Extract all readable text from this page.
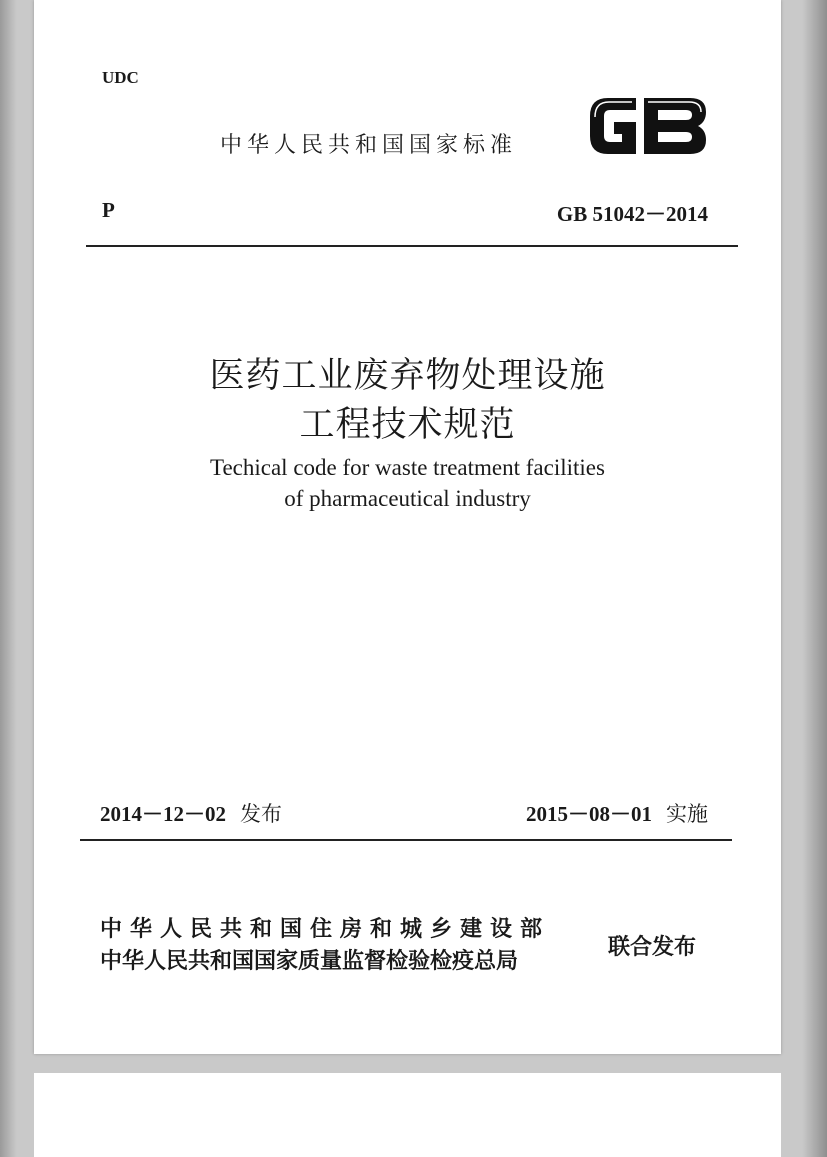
UDC
中华人民共和国国家标准
GB
P	GB 51042－2014
医药工业废弃物处理设施
工程技术规范
Techical code for waste treatment facilities
of pharmaceutical industry
2014－12－02 发布	2015－08－01 实施
中华人民共和国住房和城乡建设部
中华人民共和国国家质量监督检验检疫总局
联合发布
